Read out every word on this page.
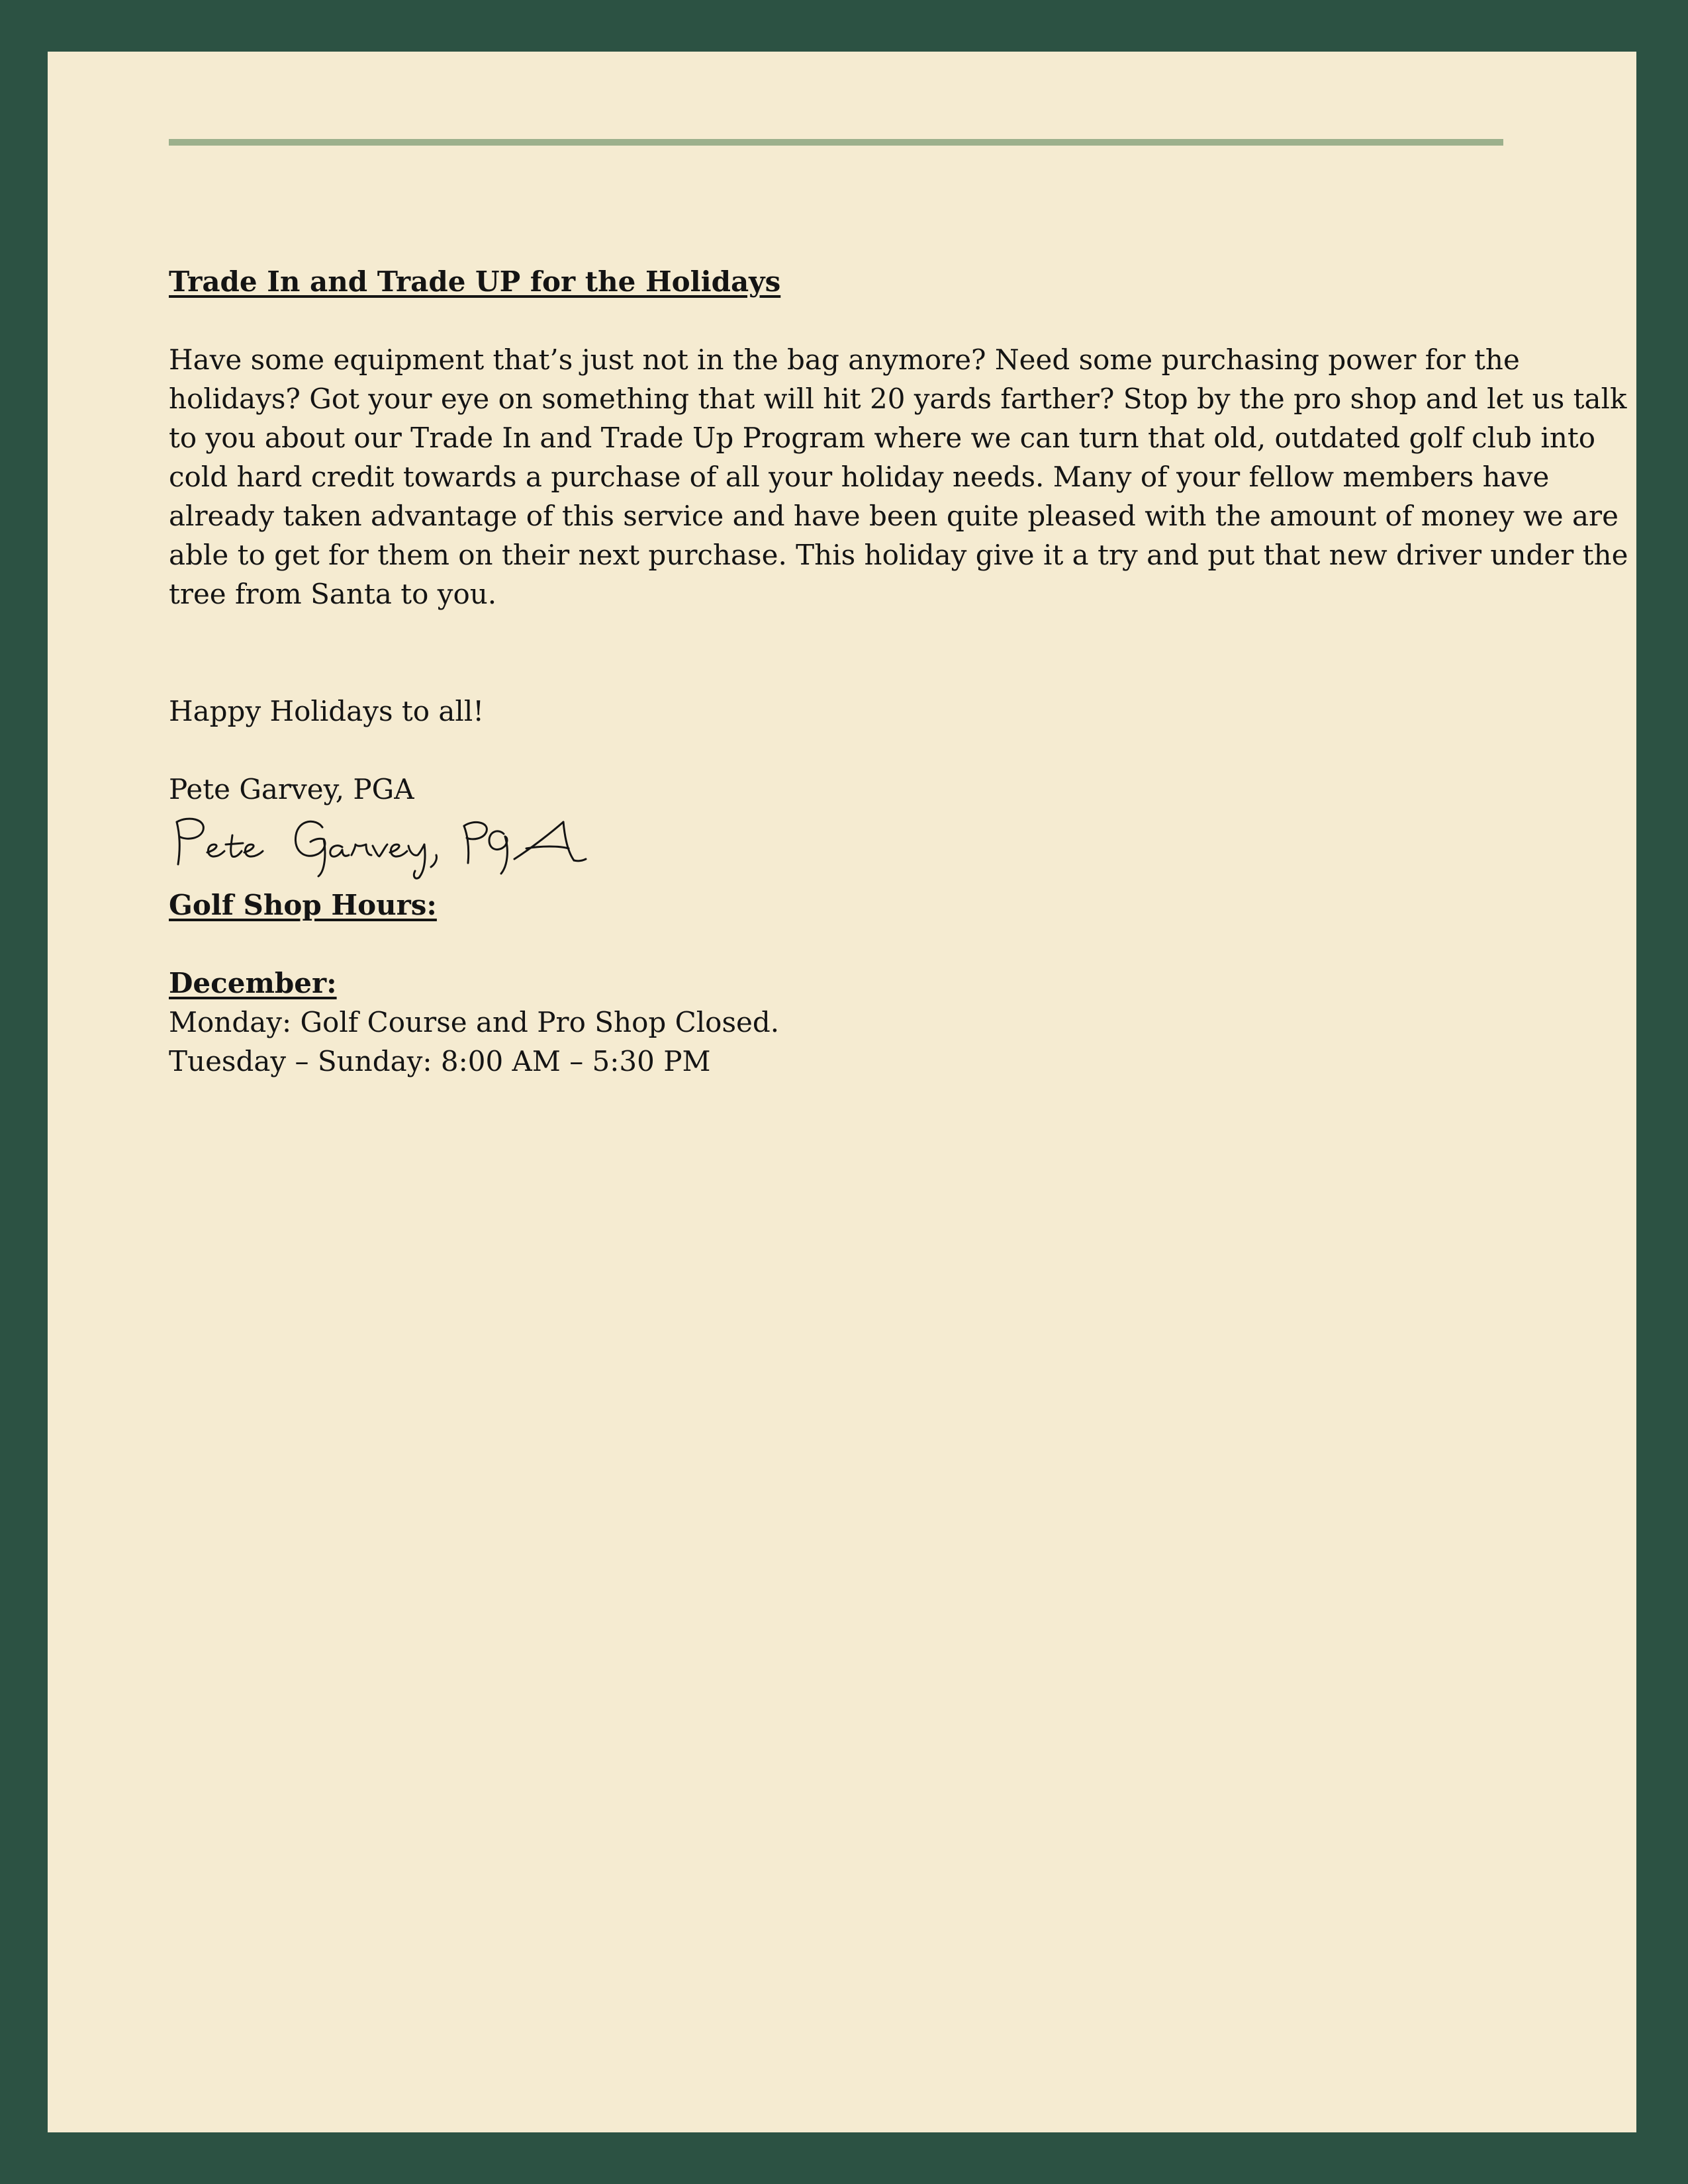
Trade In and Trade UP for the Holidays

Have some equipment that’s just not in the bag anymore? Need some purchasing power for the
holidays? Got your eye on something that will hit 20 yards farther? Stop by the pro shop and let us talk
to you about our Trade In and Trade Up Program where we can turn that old, outdated golf club into
cold hard credit towards a purchase of all your holiday needs. Many of your fellow members have
already taken advantage of this service and have been quite pleased with the amount of money we are
able to get for them on their next purchase. This holiday give it a try and put that new driver under the
tree from Santa to you.

Happy Holidays to all!

Pete Garvey, PGA

Golf Shop Hours:

December:

Monday: Golf Course and Pro Shop Closed.
Tuesday – Sunday: 8:00 AM – 5:30 PM
